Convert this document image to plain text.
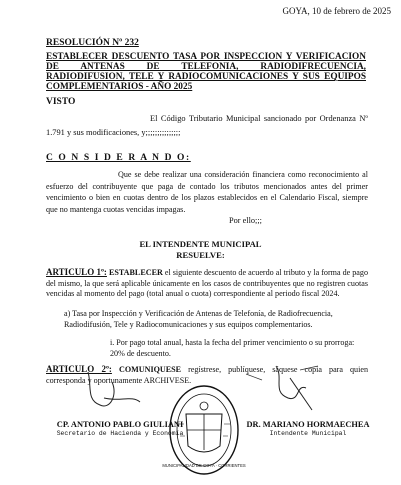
GOYA, 10 de febrero de 2025
RESOLUCIÓN Nº 232
ESTABLECER DESCUENTO TASA POR INSPECCION Y VERIFICACION DE ANTENAS DE TELEFONIA, RADIODIFRECUENCIA, RADIODIFUSION, TELE Y RADIOCOMUNICACIONES Y SUS EQUIPOS COMPLEMENTARIOS - AÑO 2025
VISTO
El Código Tributario Municipal sancionado por Ordenanza Nº 1.791 y sus modificaciones, y;;;;;;;;;;;;;;;
C O N S I D E R A N D O:
Que se debe realizar una consideración financiera como reconocimiento al esfuerzo del contribuyente que paga de contado los tributos mencionados antes del primer vencimiento o bien en cuotas dentro de los plazos establecidos en el Calendario Fiscal, siempre que no mantenga cuotas vencidas impagas.
Por ello;;;
EL INTENDENTE MUNICIPAL
RESUELVE:
ARTICULO 1º: ESTABLECER el siguiente descuento de acuerdo al tributo y la forma de pago del mismo, la que será aplicable únicamente en los casos de contribuyentes que no registren cuotas vencidas al momento del pago (total anual o cuota) correspondiente al periodo fiscal 2024.
a) Tasa por Inspección y Verificación de Antenas de Telefonía, de Radiofrecuencia, Radiodifusión, Tele y Radiocomunicaciones y sus equipos complementarios.
i. Por pago total anual, hasta la fecha del primer vencimiento o su prorroga: 20% de descuento.
ARTICULO 2º: COMUNIQUESE regístrese, publíquese, sáquese copia para quien corresponda y oportunamente ARCHIVESE.
MUNICIPALIDAD DE GOYA · CORRIENTES
CP. ANTONIO PABLO GIULIANI
Secretario de Hacienda y Economía
DR. MARIANO HORMAECHEA
Intendente Municipal
